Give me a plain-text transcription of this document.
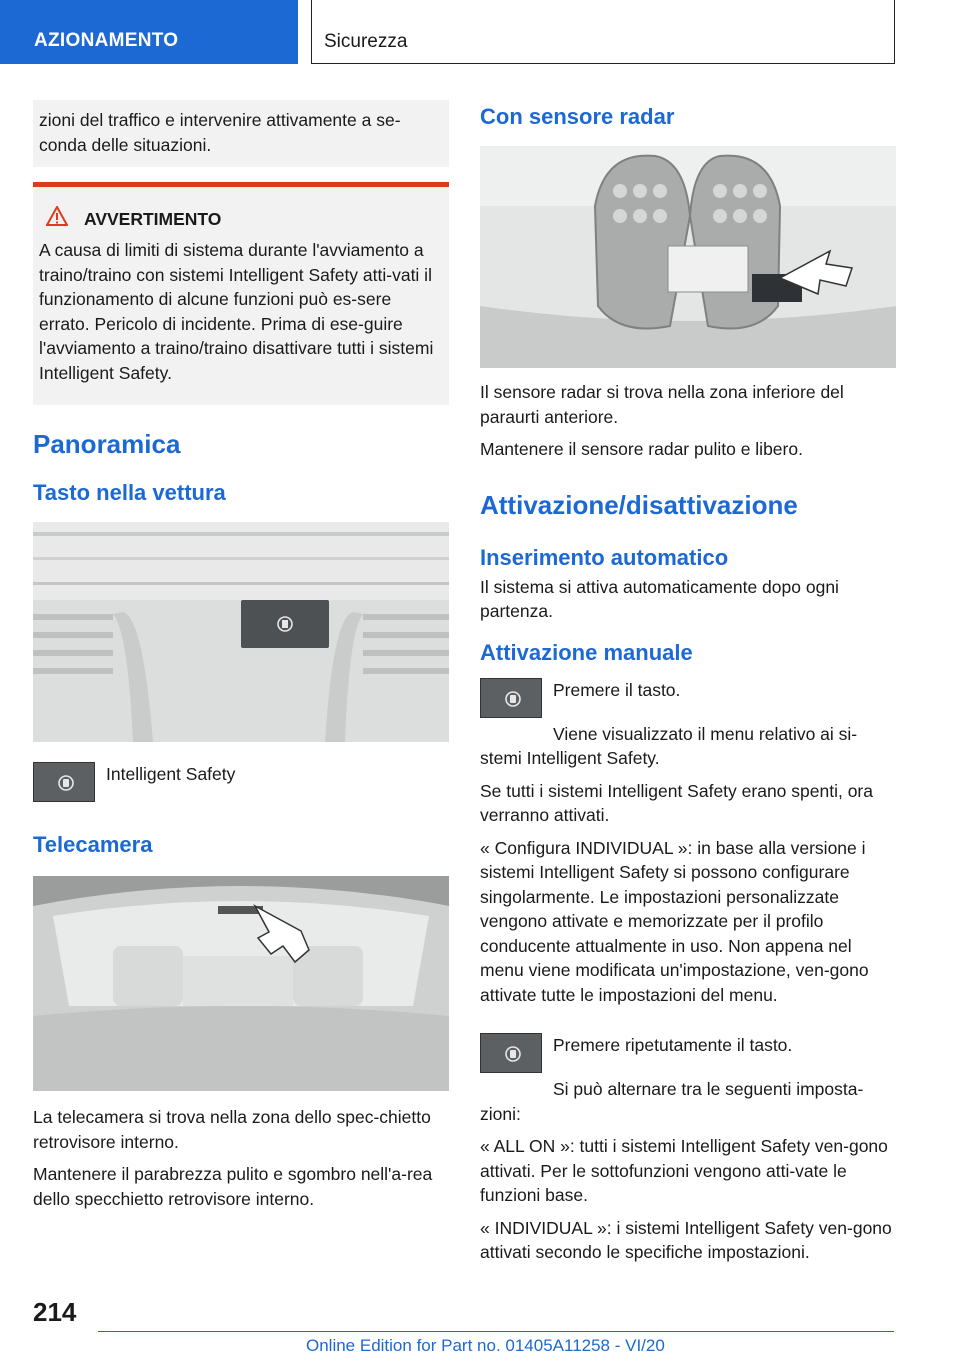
AZIONAMENTO	Sicurezza

zioni del traffico e intervenire attivamente a se-conda delle situazioni.

AVVERTIMENTO

A causa di limiti di sistema durante l'avviamento a traino/traino con sistemi Intelligent Safety atti-vati il funzionamento di alcune funzioni può es-sere errato. Pericolo di incidente. Prima di ese-guire l'avviamento a traino/traino disattivare tutti i sistemi Intelligent Safety.

Panoramica
Tasto nella vettura

Intelligent Safety

Telecamera

La telecamera si trova nella zona dello spec-chietto retrovisore interno.

Mantenere il parabrezza pulito e sgombro nell'a-rea dello specchietto retrovisore interno.

Con sensore radar

Il sensore radar si trova nella zona inferiore del paraurti anteriore.

Mantenere il sensore radar pulito e libero.

Attivazione/disattivazione
Inserimento automatico

Il sistema si attiva automaticamente dopo ogni partenza.

Attivazione manuale

Premere il tasto.

Viene visualizzato il menu relativo ai si-stemi Intelligent Safety.

Se tutti i sistemi Intelligent Safety erano spenti, ora verranno attivati.

« Configura INDIVIDUAL »: in base alla versione i sistemi Intelligent Safety si possono configurare singolarmente. Le impostazioni personalizzate vengono attivate e memorizzate per il profilo conducente attualmente in uso. Non appena nel menu viene modificata un'impostazione, ven-gono attivate tutte le impostazioni del menu.

Premere ripetutamente il tasto.

Si può alternare tra le seguenti imposta-zioni:

« ALL ON »: tutti i sistemi Intelligent Safety ven-gono attivati. Per le sottofunzioni vengono atti-vate le funzioni base.

« INDIVIDUAL »: i sistemi Intelligent Safety ven-gono attivati secondo le specifiche impostazioni.

214
Online Edition for Part no. 01405A11258 - VI/20
